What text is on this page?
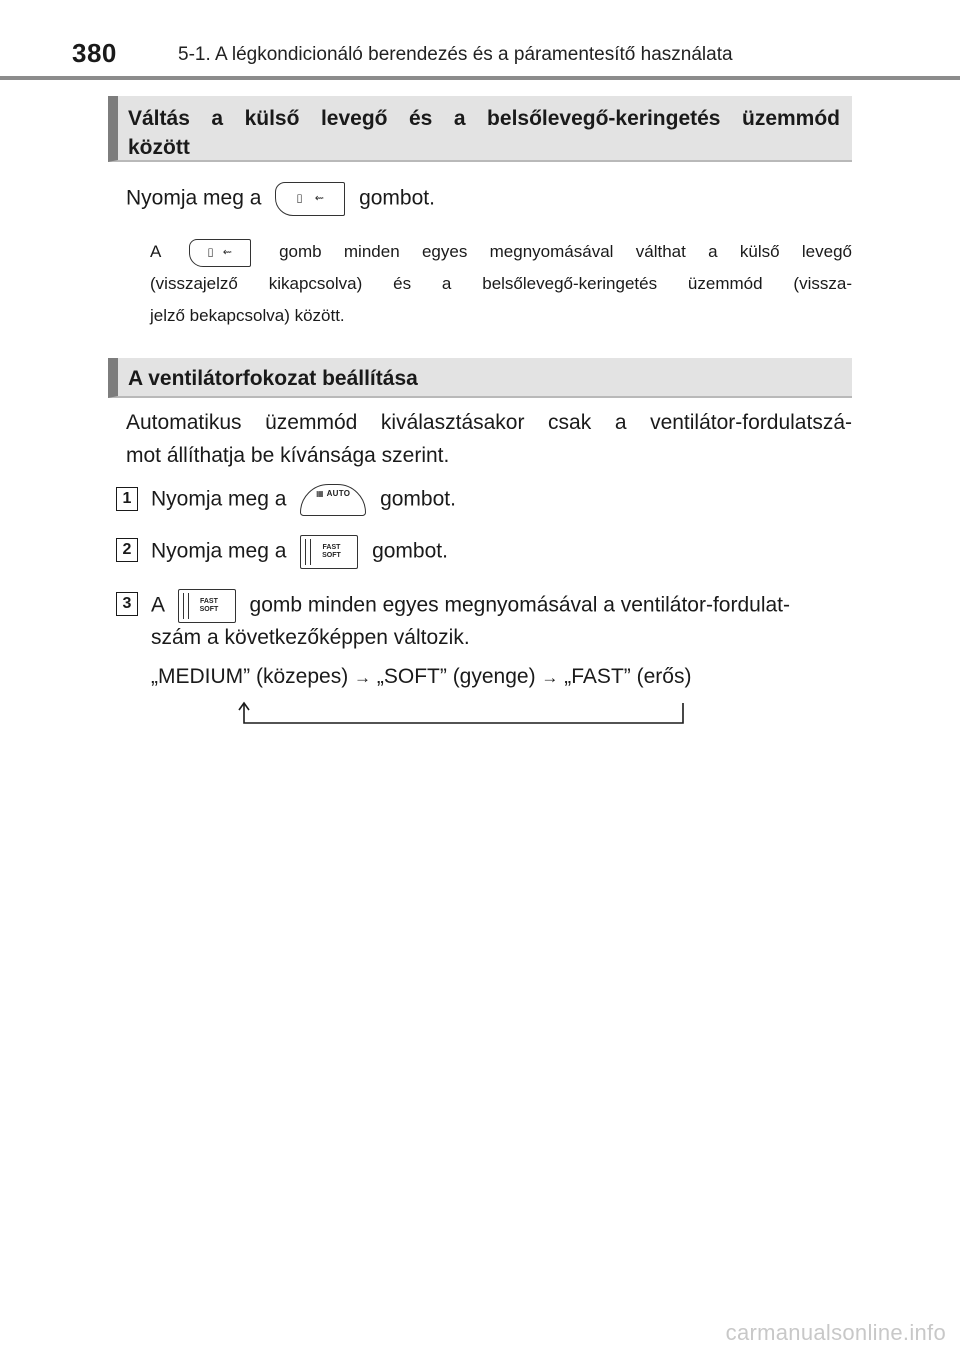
380	5-1. A légkondicionáló berendezés és a páramentesítő használata
Váltás a külső levegő és a belsőlevegő-keringetés üzemmód
között
Nyomja meg a	▯    ⇜ gombot.
A	▯   ⇜	gomb minden egyes megnyomásával válthat a külső levegő
(visszajelző kikapcsolva) és a belsőlevegő-keringetés üzemmód (vissza-
jelző bekapcsolva) között.
A ventilátorfokozat beállítása
Automatikus üzemmód kiválasztásakor csak a ventilátor-fordulatszá-
mot állíthatja be kívánsága szerint.
1 Nyomja meg a	▦ AUTO gombot.
2 Nyomja meg a	FAST
SOFT gombot.
3 A	FAST
SOFT gomb minden egyes megnyomásával a ventilátor-fordulat-
szám a következőképpen változik.
„MEDIUM” (közepes) → „SOFT” (gyenge) → „FAST” (erős)
carmanualsonline.info
